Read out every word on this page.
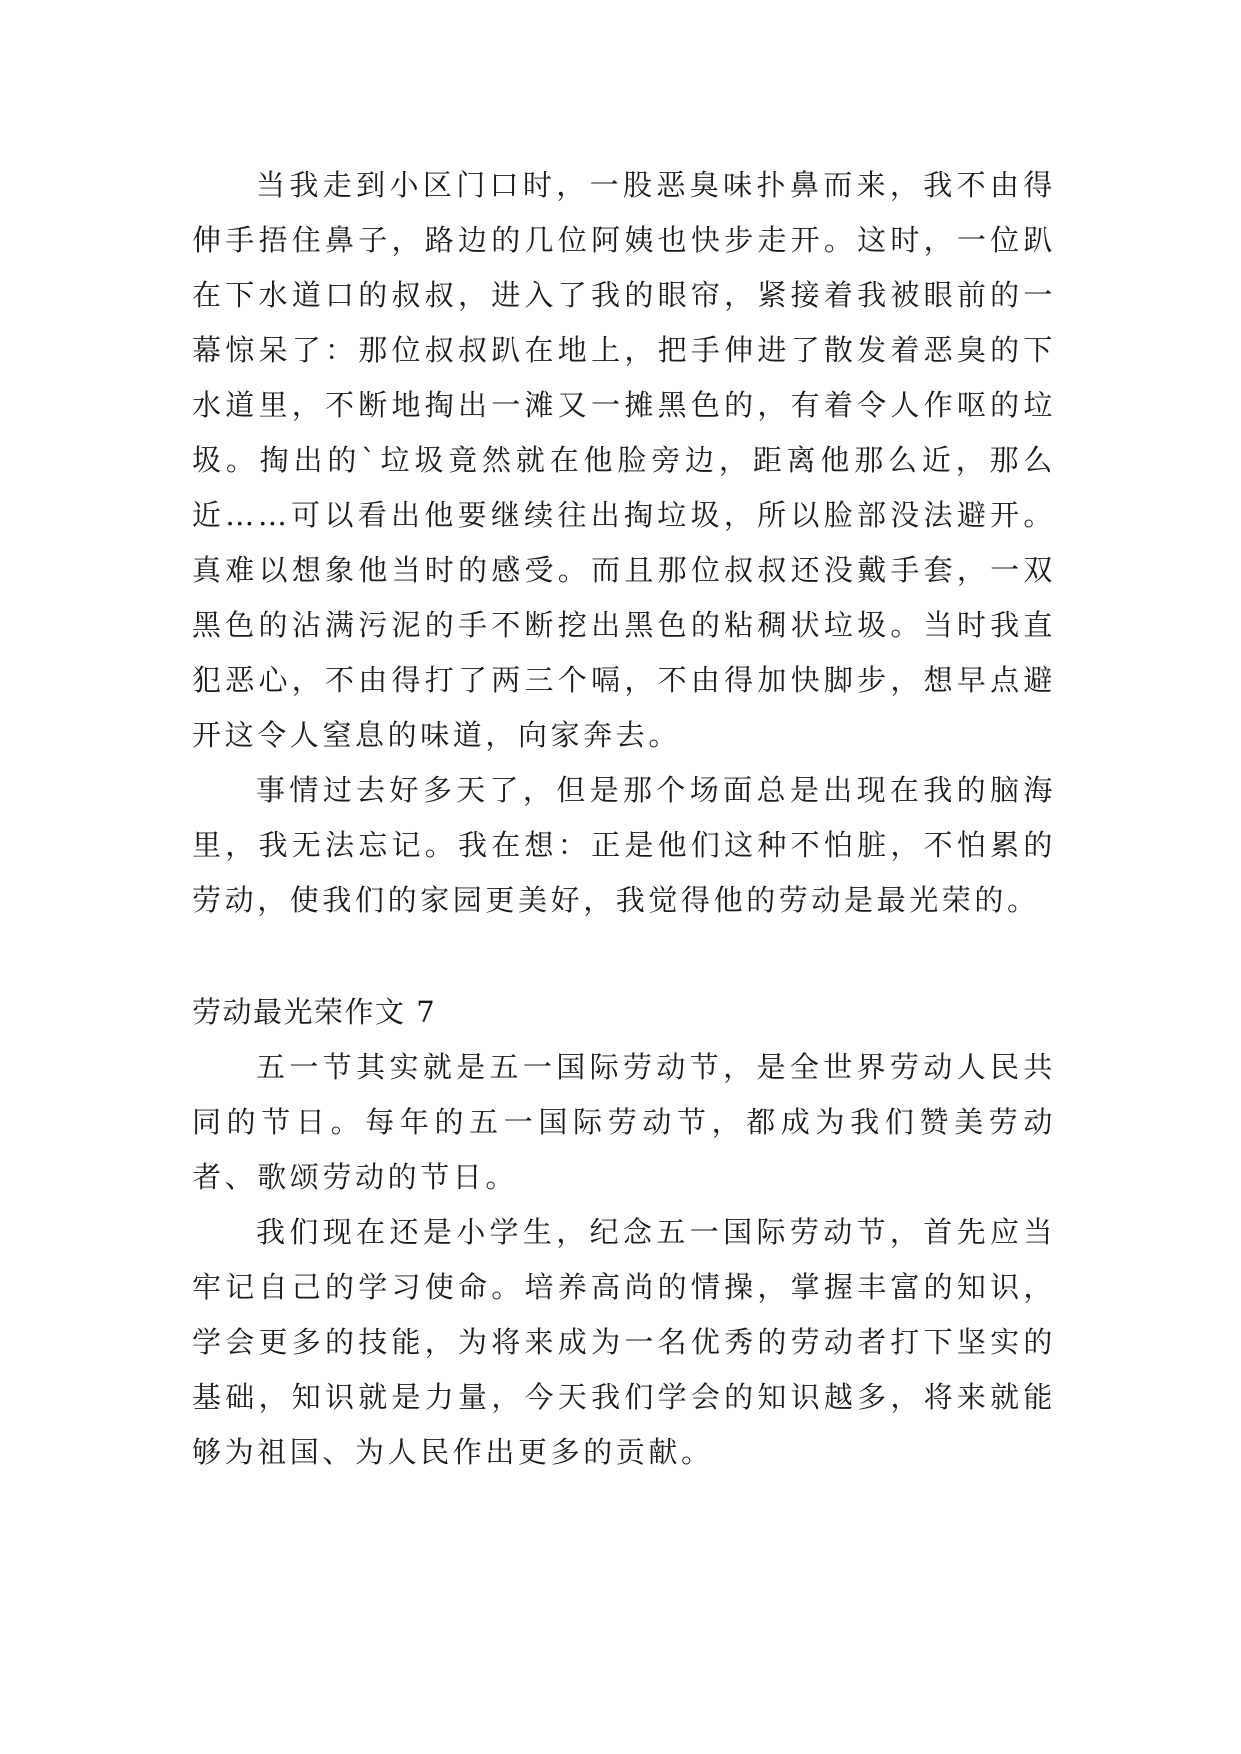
当我走到小区门口时，一股恶臭味扑鼻而来，我不由得伸手捂住鼻子，路边的几位阿姨也快步走开。这时，一位趴在下水道口的叔叔，进入了我的眼帘，紧接着我被眼前的一幕惊呆了：那位叔叔趴在地上，把手伸进了散发着恶臭的下水道里，不断地掏出一滩又一摊黑色的，有着令人作呕的垃圾。掏出的`垃圾竟然就在他脸旁边，距离他那么近，那么近……可以看出他要继续往出掏垃圾，所以脸部没法避开。真难以想象他当时的感受。而且那位叔叔还没戴手套，一双黑色的沾满污泥的手不断挖出黑色的粘稠状垃圾。当时我直犯恶心，不由得打了两三个嗝，不由得加快脚步，想早点避开这令人窒息的味道，向家奔去。

事情过去好多天了，但是那个场面总是出现在我的脑海里，我无法忘记。我在想：正是他们这种不怕脏，不怕累的劳动，使我们的家园更美好，我觉得他的劳动是最光荣的。

劳动最光荣作文 7

五一节其实就是五一国际劳动节，是全世界劳动人民共同的节日。每年的五一国际劳动节，都成为我们赞美劳动者、歌颂劳动的节日。

我们现在还是小学生，纪念五一国际劳动节，首先应当牢记自己的学习使命。培养高尚的情操，掌握丰富的知识，学会更多的技能，为将来成为一名优秀的劳动者打下坚实的基础，知识就是力量，今天我们学会的知识越多，将来就能够为祖国、为人民作出更多的贡献。
